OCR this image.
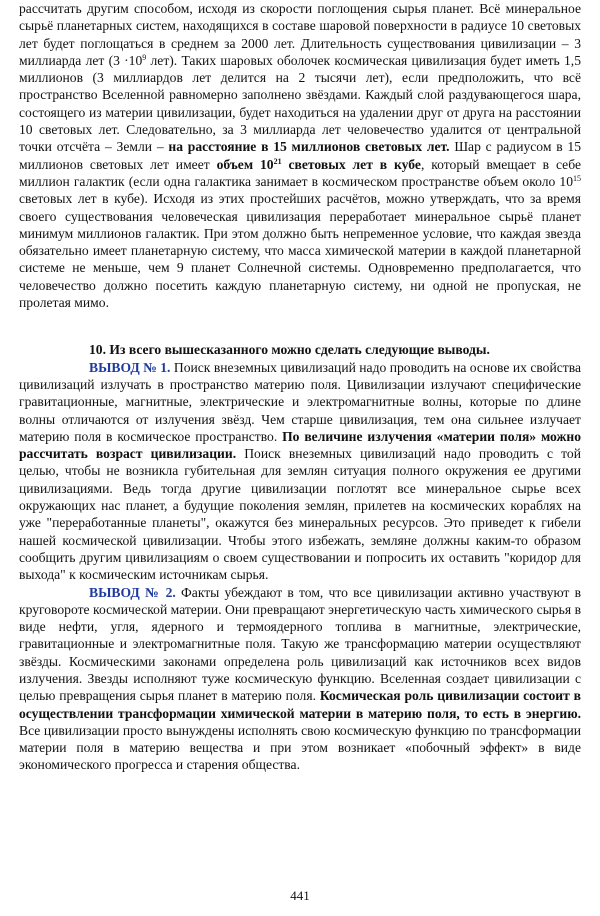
рассчитать другим способом, исходя из скорости поглощения сырья планет. Всё минеральное сырьё планетарных систем, находящихся в составе шаровой поверхности в радиусе 10 световых лет будет поглощаться в среднем за 2000 лет. Длительность существования цивилизации – 3 миллиарда лет ($3 \cdot 10^9$ лет). Таких шаровых оболочек космическая цивилизация будет иметь 1,5 миллионов (3 миллиардов лет делится на 2 тысячи лет), если предположить, что всё пространство Вселенной равномерно заполнено звёздами. Каждый слой раздувающегося шара, состоящего из материи цивилизации, будет находиться на удалении друг от друга на расстоянии 10 световых лет. Следовательно, за 3 миллиарда лет человечество удалится от центральной точки отсчёта – Земли – на расстояние в 15 миллионов световых лет. Шар с радиусом в 15 миллионов световых лет имеет объем $10^{21}$ световых лет в кубе, который вмещает в себе миллион галактик (если одна галактика занимает в космическом пространстве объем около $10^{15}$ световых лет в кубе). Исходя из этих простейших расчётов, можно утверждать, что за время своего существования человеческая цивилизация переработает минеральное сырьё планет минимум миллионов галактик. При этом должно быть непременное условие, что каждая звезда обязательно имеет планетарную систему, что масса химической материи в каждой планетарной системе не меньше, чем 9 планет Солнечной системы. Одновременно предполагается, что человечество должно посетить каждую планетарную систему, ни одной не пропуская, не пролетая мимо.

10. Из всего вышесказанного можно сделать следующие выводы.

ВЫВОД № 1. Поиск внеземных цивилизаций надо проводить на основе их свойства цивилизаций излучать в пространство материю поля. Цивилизации излучают специфические гравитационные, магнитные, электрические и электромагнитные волны, которые по длине волны отличаются от излучения звёзд. Чем старше цивилизация, тем она сильнее излучает материю поля в космическое пространство. По величине излучения «материи поля» можно рассчитать возраст цивилизации. Поиск внеземных цивилизаций надо проводить с той целью, чтобы не возникла губительная для землян ситуация полного окружения ее другими цивилизациями. Ведь тогда другие цивилизации поглотят все минеральное сырье всех окружающих нас планет, а будущие поколения землян, прилетев на космических кораблях на уже "переработанные планеты", окажутся без минеральных ресурсов. Это приведет к гибели нашей космической цивилизации. Чтобы этого избежать, земляне должны каким-то образом сообщить другим цивилизациям о своем существовании и попросить их оставить "коридор для выхода" к космическим источникам сырья.

ВЫВОД № 2. Факты убеждают в том, что все цивилизации активно участвуют в круговороте космической материи. Они превращают энергетическую часть химического сырья в виде нефти, угля, ядерного и термоядерного топлива в магнитные, электрические, гравитационные и электромагнитные поля. Такую же трансформацию материи осуществляют звёзды. Космическими законами определена роль цивилизаций как источников всех видов излучения. Звезды исполняют туже космическую функцию. Вселенная создает цивилизации с целью превращения сырья планет в материю поля. Космическая роль цивилизации состоит в осуществлении трансформации химической материи в материю поля, то есть в энергию. Все цивилизации просто вынуждены исполнять свою космическую функцию по трансформации материи поля в материю вещества и при этом возникает «побочный эффект» в виде экономического прогресса и старения общества.

441
